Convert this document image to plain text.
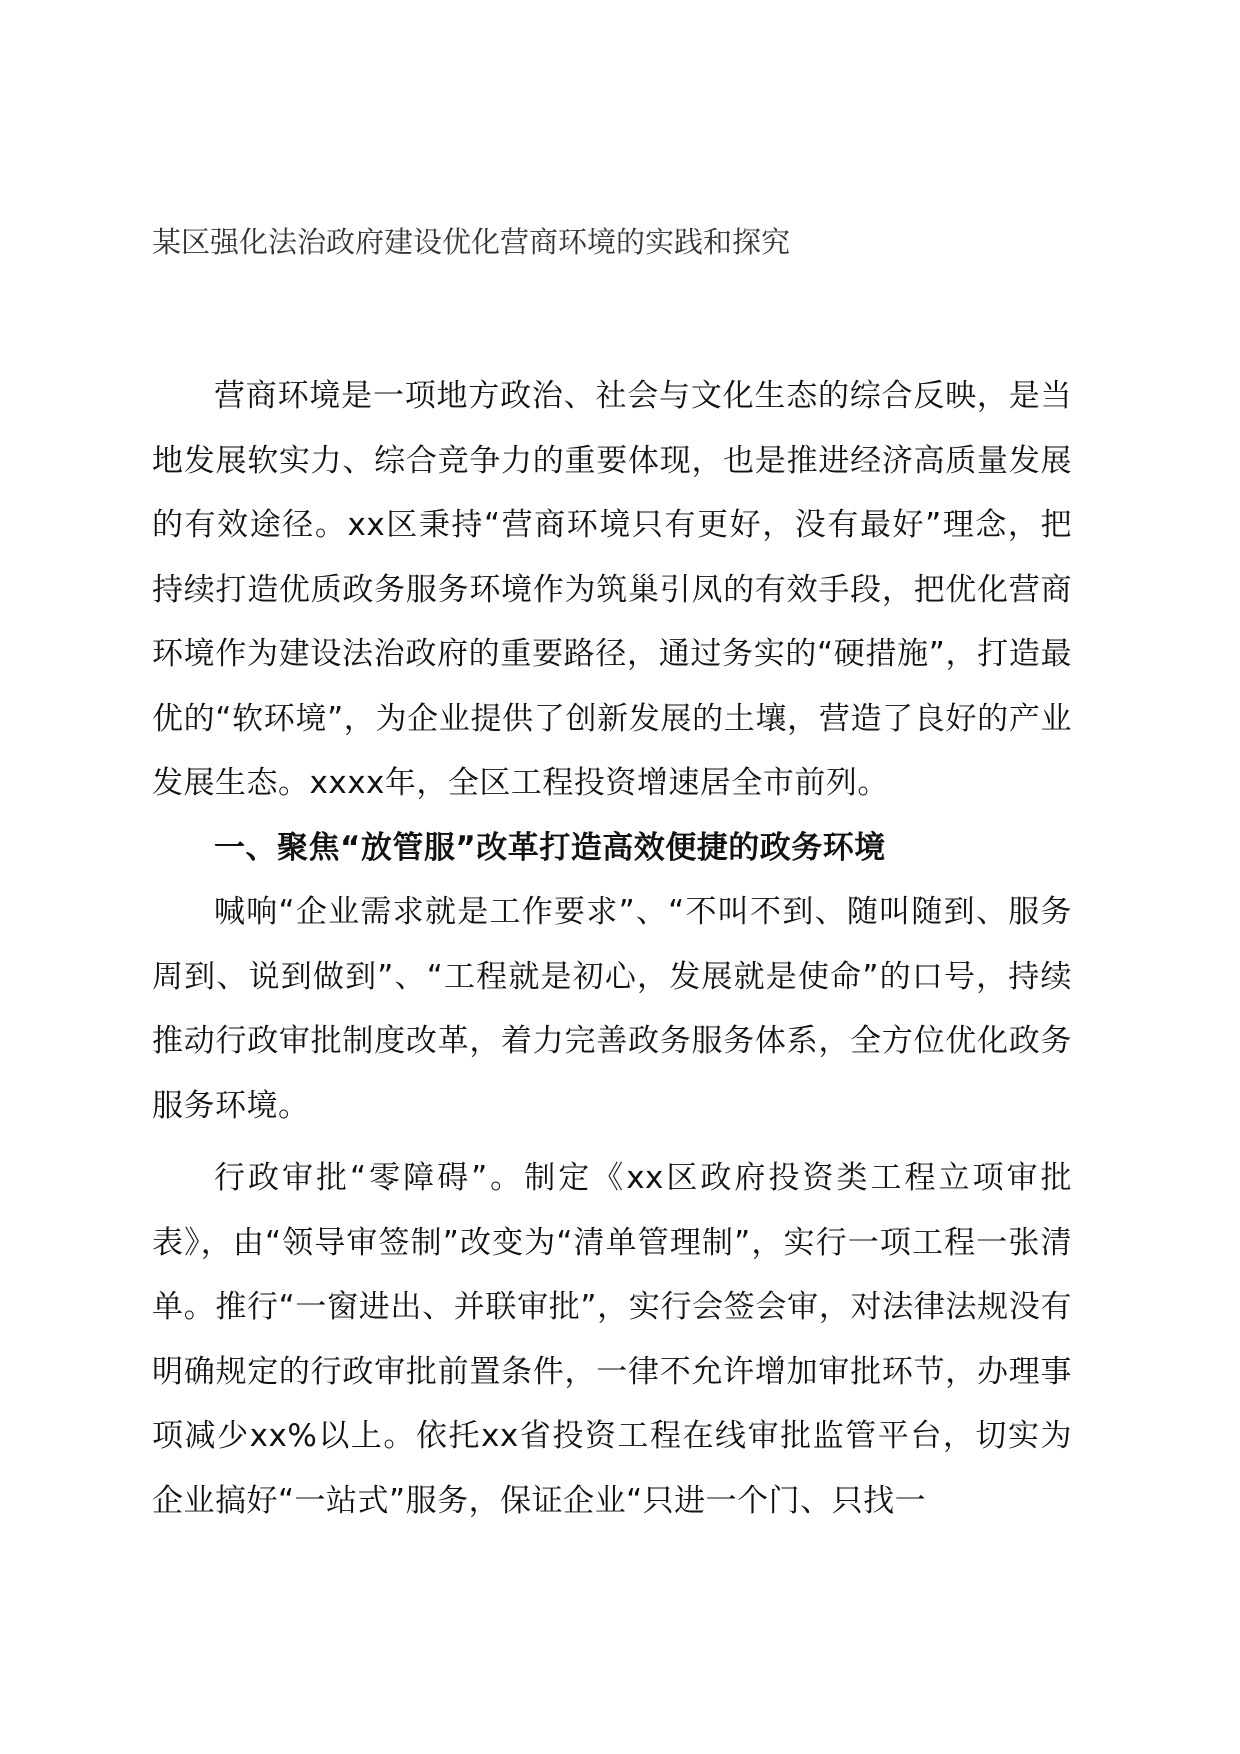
某区强化法治政府建设优化营商环境的实践和探究

营商环境是一项地方政治、社会与文化生态的综合反映，是当地发展软实力、综合竞争力的重要体现，也是推进经济高质量发展的有效途径。xx区秉持“营商环境只有更好，没有最好”理念，把持续打造优质政务服务环境作为筑巢引凤的有效手段，把优化营商环境作为建设法治政府的重要路径，通过务实的“硬措施”，打造最优的“软环境”，为企业提供了创新发展的土壤，营造了良好的产业发展生态。xxxx年，全区工程投资增速居全市前列。

一、聚焦“放管服”改革打造高效便捷的政务环境

喊响“企业需求就是工作要求”、“不叫不到、随叫随到、服务周到、说到做到”、“工程就是初心，发展就是使命”的口号，持续推动行政审批制度改革，着力完善政务服务体系，全方位优化政务服务环境。

行政审批“零障碍”。制定《xx区政府投资类工程立项审批表》，由“领导审签制”改变为“清单管理制”，实行一项工程一张清单。推行“一窗进出、并联审批”，实行会签会审，对法律法规没有明确规定的行政审批前置条件，一律不允许增加审批环节，办理事项减少xx%以上。依托xx省投资工程在线审批监管平台，切实为企业搞好“一站式”服务，保证企业“只进一个门、只找一
